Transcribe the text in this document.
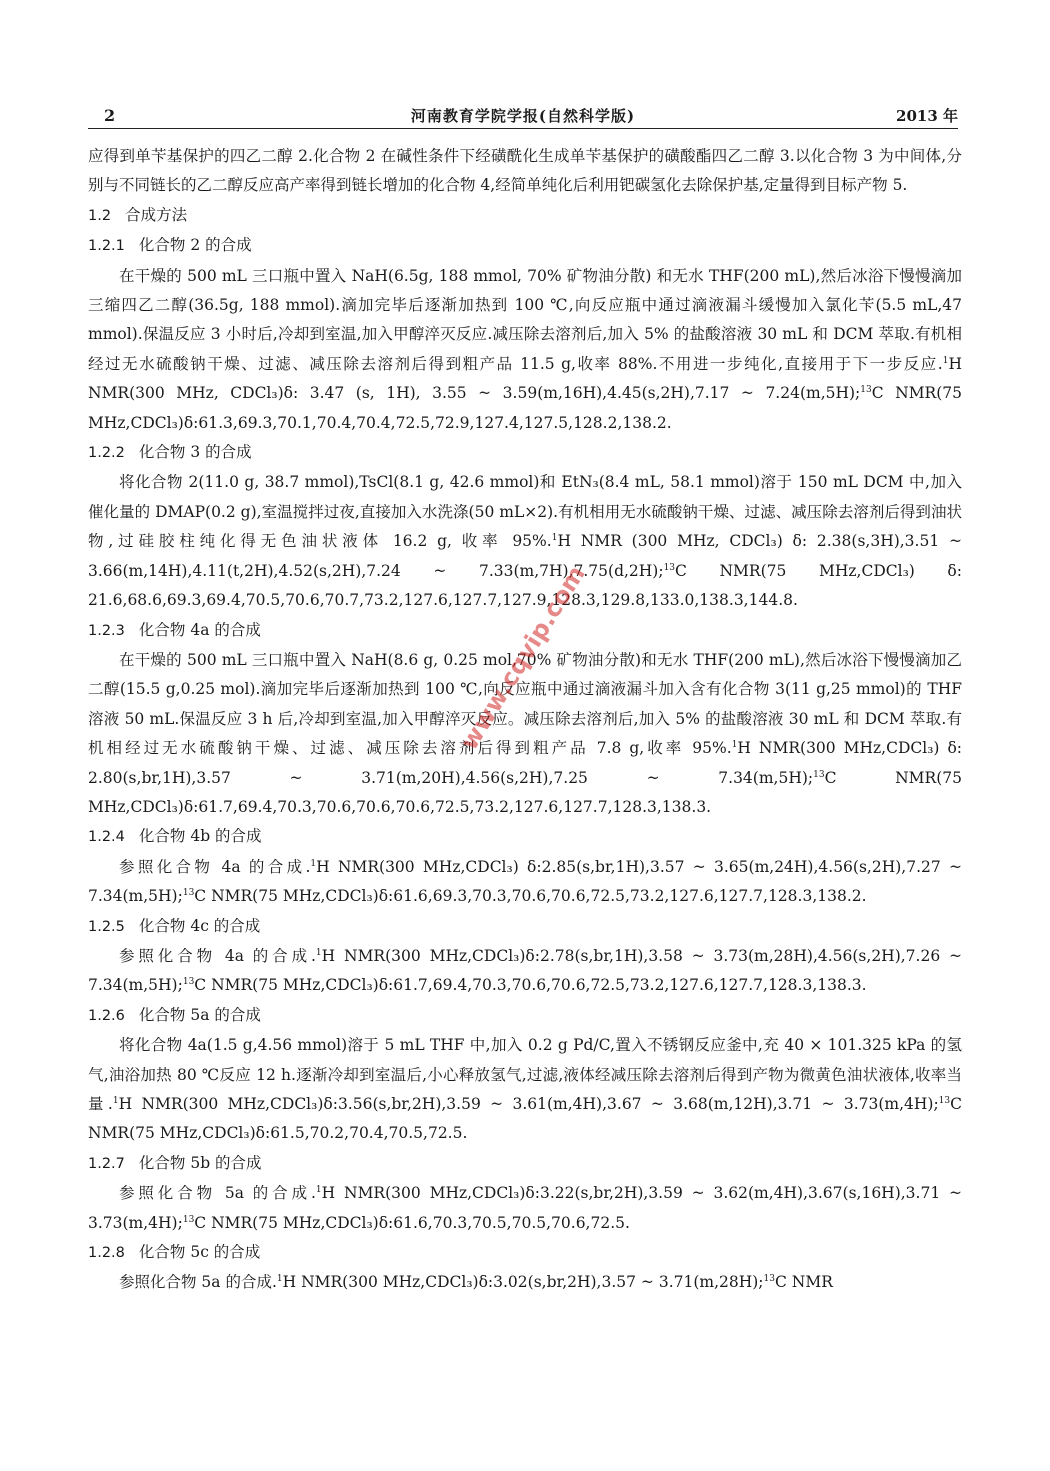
2	河南教育学院学报(自然科学版)	2013 年

应得到单苄基保护的四乙二醇 2.化合物 2 在碱性条件下经磺酰化生成单苄基保护的磺酸酯四乙二醇 3.以化合物 3 为中间体,分别与不同链长的乙二醇反应高产率得到链长增加的化合物 4,经简单纯化后利用钯碳氢化去除保护基,定量得到目标产物 5.

1.2 合成方法
1.2.1 化合物 2 的合成

在干燥的 500 mL 三口瓶中置入 NaH(6.5g, 188 mmol, 70% 矿物油分散) 和无水 THF(200 mL),然后冰浴下慢慢滴加三缩四乙二醇(36.5g, 188 mmol).滴加完毕后逐渐加热到 100 ℃,向反应瓶中通过滴液漏斗缓慢加入氯化苄(5.5 mL,47 mmol).保温反应 3 小时后,冷却到室温,加入甲醇淬灭反应.减压除去溶剂后,加入 5% 的盐酸溶液 30 mL 和 DCM 萃取.有机相经过无水硫酸钠干燥、过滤、减压除去溶剂后得到粗产品 11.5 g,收率 88%.不用进一步纯化,直接用于下一步反应.$^1$H NMR(300 MHz, CDCl₃)δ: 3.47 (s, 1H), 3.55 ~ 3.59(m,16H),4.45(s,2H),7.17 ~ 7.24(m,5H);$^{13}$C NMR(75 MHz,CDCl₃)δ:61.3,69.3,70.1,70.4,70.4,72.5,72.9,127.4,127.5,128.2,138.2.

1.2.2 化合物 3 的合成

将化合物 2(11.0 g, 38.7 mmol),TsCl(8.1 g, 42.6 mmol)和 EtN₃(8.4 mL, 58.1 mmol)溶于 150 mL DCM 中,加入催化量的 DMAP(0.2 g),室温搅拌过夜,直接加入水洗涤(50 mL×2).有机相用无水硫酸钠干燥、过滤、减压除去溶剂后得到油状物,过硅胶柱纯化得无色油状液体 16.2 g, 收率 95%.$^1$H NMR (300 MHz, CDCl₃) δ: 2.38(s,3H),3.51 ~ 3.66(m,14H),4.11(t,2H),4.52(s,2H),7.24 ~ 7.33(m,7H),7.75(d,2H);$^{13}$C NMR(75 MHz,CDCl₃) δ: 21.6,68.6,69.3,69.4,70.5,70.6,70.7,73.2,127.6,127.7,127.9,128.3,129.8,133.0,138.3,144.8.

1.2.3 化合物 4a 的合成

在干燥的 500 mL 三口瓶中置入 NaH(8.6 g, 0.25 mol,70% 矿物油分散)和无水 THF(200 mL),然后冰浴下慢慢滴加乙二醇(15.5 g,0.25 mol).滴加完毕后逐渐加热到 100 ℃,向反应瓶中通过滴液漏斗加入含有化合物 3(11 g,25 mmol)的 THF 溶液 50 mL.保温反应 3 h 后,冷却到室温,加入甲醇淬灭反应。减压除去溶剂后,加入 5% 的盐酸溶液 30 mL 和 DCM 萃取.有机相经过无水硫酸钠干燥、过滤、减压除去溶剂后得到粗产品 7.8 g,收率 95%.$^1$H NMR(300 MHz,CDCl₃) δ: 2.80(s,br,1H),3.57 ~ 3.71(m,20H),4.56(s,2H),7.25 ~ 7.34(m,5H);$^{13}$C NMR(75 MHz,CDCl₃)δ:61.7,69.4,70.3,70.6,70.6,70.6,72.5,73.2,127.6,127.7,128.3,138.3.

1.2.4 化合物 4b 的合成

参照化合物 4a 的合成.$^1$H NMR(300 MHz,CDCl₃) δ:2.85(s,br,1H),3.57 ~ 3.65(m,24H),4.56(s,2H),7.27 ~ 7.34(m,5H);$^{13}$C NMR(75 MHz,CDCl₃)δ:61.6,69.3,70.3,70.6,70.6,72.5,73.2,127.6,127.7,128.3,138.2.

1.2.5 化合物 4c 的合成

参照化合物 4a 的合成.$^1$H NMR(300 MHz,CDCl₃)δ:2.78(s,br,1H),3.58 ~ 3.73(m,28H),4.56(s,2H),7.26 ~ 7.34(m,5H);$^{13}$C NMR(75 MHz,CDCl₃)δ:61.7,69.4,70.3,70.6,70.6,72.5,73.2,127.6,127.7,128.3,138.3.

1.2.6 化合物 5a 的合成

将化合物 4a(1.5 g,4.56 mmol)溶于 5 mL THF 中,加入 0.2 g Pd/C,置入不锈钢反应釜中,充 40 × 101.325 kPa 的氢气,油浴加热 80 ℃反应 12 h.逐渐冷却到室温后,小心释放氢气,过滤,液体经减压除去溶剂后得到产物为微黄色油状液体,收率当量.$^1$H NMR(300 MHz,CDCl₃)δ:3.56(s,br,2H),3.59 ~ 3.61(m,4H),3.67 ~ 3.68(m,12H),3.71 ~ 3.73(m,4H);$^{13}$C NMR(75 MHz,CDCl₃)δ:61.5,70.2,70.4,70.5,72.5.

1.2.7 化合物 5b 的合成

参照化合物 5a 的合成.$^1$H NMR(300 MHz,CDCl₃)δ:3.22(s,br,2H),3.59 ~ 3.62(m,4H),3.67(s,16H),3.71 ~ 3.73(m,4H);$^{13}$C NMR(75 MHz,CDCl₃)δ:61.6,70.3,70.5,70.5,70.6,72.5.

1.2.8 化合物 5c 的合成

参照化合物 5a 的合成.$^1$H NMR(300 MHz,CDCl₃)δ:3.02(s,br,2H),3.57 ~ 3.71(m,28H);$^{13}$C NMR

www.cqvip.com
